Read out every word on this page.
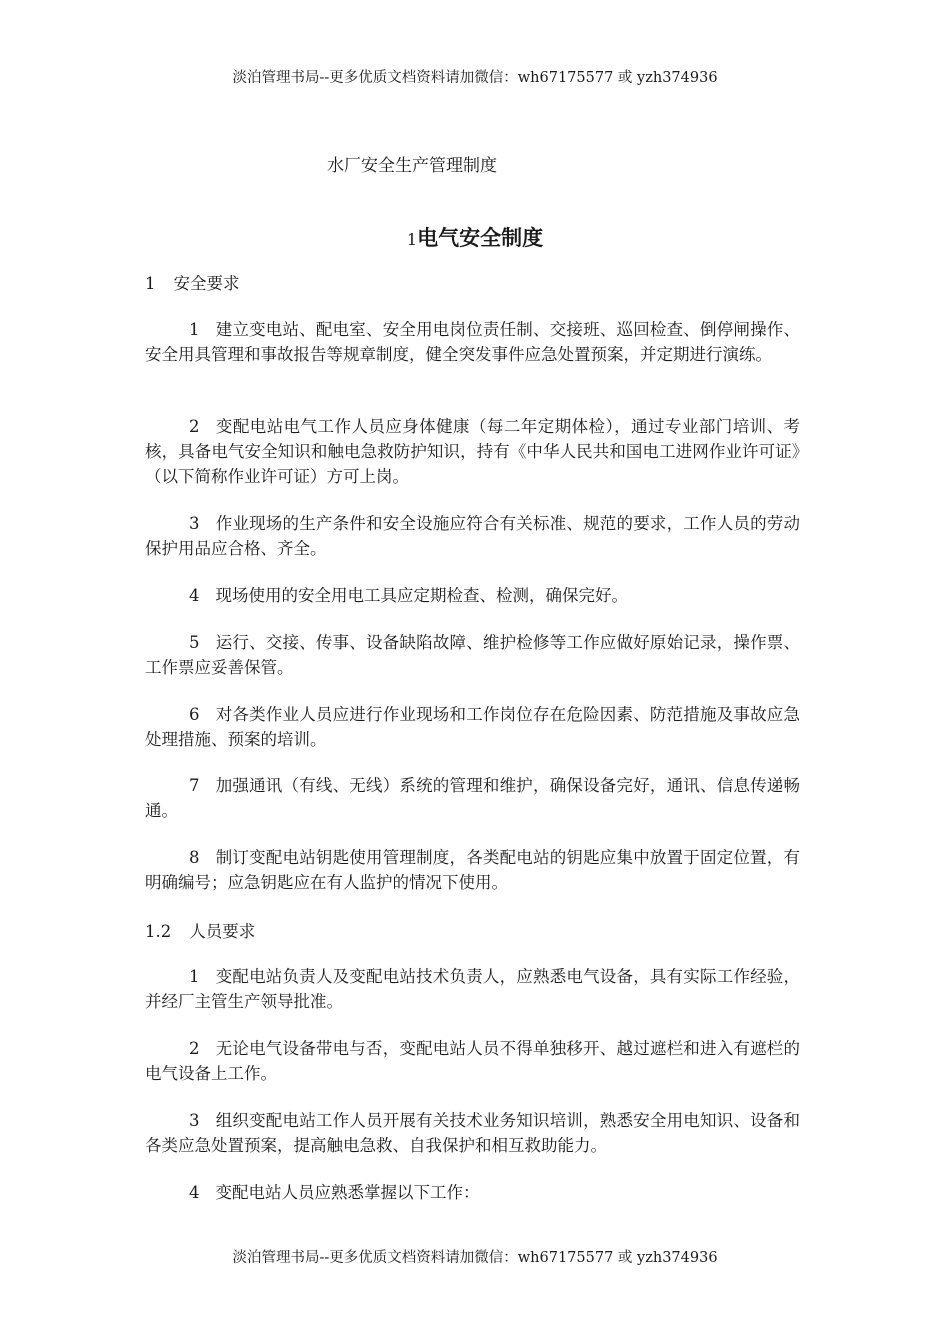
淡泊管理书局--更多优质文档资料请加微信：wh67175577 或 yzh374936
水厂安全生产管理制度
1电气安全制度
1 安全要求
1 建立变电站、配电室、安全用电岗位责任制、交接班、巡回检查、倒停闸操作、安全用具管理和事故报告等规章制度，健全突发事件应急处置预案，并定期进行演练。
2 变配电站电气工作人员应身体健康（每二年定期体检），通过专业部门培训、考核，具备电气安全知识和触电急救防护知识，持有《中华人民共和国电工进网作业许可证》（以下简称作业许可证）方可上岗。
3 作业现场的生产条件和安全设施应符合有关标准、规范的要求，工作人员的劳动保护用品应合格、齐全。
4 现场使用的安全用电工具应定期检查、检测，确保完好。
5 运行、交接、传事、设备缺陷故障、维护检修等工作应做好原始记录，操作票、工作票应妥善保管。
6 对各类作业人员应进行作业现场和工作岗位存在危险因素、防范措施及事故应急处理措施、预案的培训。
7 加强通讯（有线、无线）系统的管理和维护，确保设备完好，通讯、信息传递畅通。
8 制订变配电站钥匙使用管理制度，各类配电站的钥匙应集中放置于固定位置，有明确编号；应急钥匙应在有人监护的情况下使用。
1.2 人员要求
1 变配电站负责人及变配电站技术负责人，应熟悉电气设备，具有实际工作经验，并经厂主管生产领导批准。
2 无论电气设备带电与否，变配电站人员不得单独移开、越过遮栏和进入有遮栏的电气设备上工作。
3 组织变配电站工作人员开展有关技术业务知识培训，熟悉安全用电知识、设备和各类应急处置预案，提高触电急救、自我保护和相互救助能力。
4 变配电站人员应熟悉掌握以下工作：
淡泊管理书局--更多优质文档资料请加微信：wh67175577 或 yzh374936
